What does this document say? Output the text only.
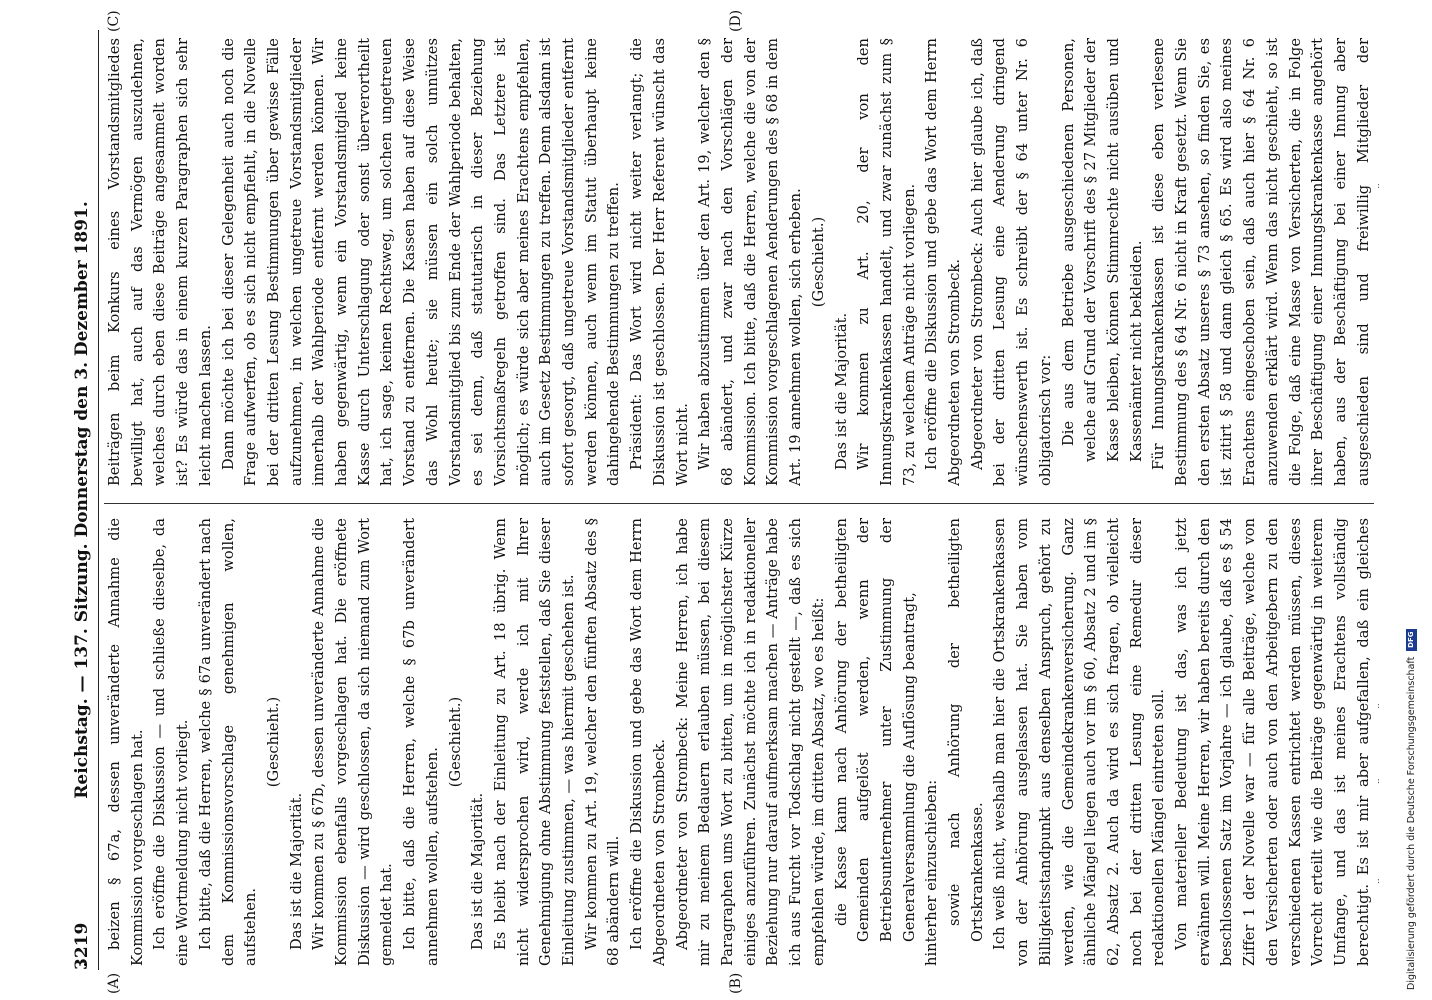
3219
Reichstag. — 137. Sitzung. Donnerstag den 3. Dezember 1891.
(A)	(B)
(C)	(D)

beizen § 67a, dessen unveränderte Annahme die Kommission vorgeschlagen hat. Ich eröffne die Diskussion — und schließe dieselbe, da eine Wortmeldung nicht vorliegt. Ich bitte, daß die Herren, welche § 67a unverändert nach dem Kommissionsvorschlage genehmigen wollen, aufstehen.

(Geschieht.)

Das ist die Majorität. Wir kommen zu § 67b, dessen unveränderte Annahme die Kommission ebenfalls vorgeschlagen hat. Die eröffnete Diskussion — wird geschlossen, da sich niemand zum Wort gemeldet hat. Ich bitte, daß die Herren, welche § 67b unverändert annehmen wollen, aufstehen.

(Geschieht.)

Das ist die Majorität. Es bleibt nach der Einleitung zu Art. 18 übrig. Wenn nicht widersprochen wird, werde ich mit Ihrer Genehmigung ohne Abstimmung feststellen, daß Sie dieser Einleitung zustimmen, — was hiermit geschehen ist. Wir kommen zu Art. 19, welcher den fünften Absatz des § 68 abändern will. Ich eröffne die Diskussion und gebe das Wort dem Herrn Abgeordneten von Strombeck. Abgeordneter von Strombeck: Meine Herren, ich habe mir zu meinem Bedauern erlauben müssen, bei diesem Paragraphen ums Wort zu bitten, um in möglichster Kürze einiges anzuführen. Zunächst möchte ich in redaktioneller Beziehung nur darauf aufmerksam machen — Anträge habe ich aus Furcht vor Todschlag nicht gestellt —, daß es sich empfehlen würde, im dritten Absatz, wo es heißt: die Kasse kann nach Anhörung der betheiligten Gemeinden aufgelöst werden, wenn der Betriebsunternehmer unter Zustimmung der Generalversammlung die Auflösung beantragt, hinterher einzuschieben: sowie nach Anhörung der betheiligten Ortskrankenkasse. Ich weiß nicht, weshalb man hier die Ortskrankenkassen von der Anhörung ausgelassen hat. Sie haben vom Billigkeitsstandpunkt aus denselben Anspruch, gehört zu werden, wie die Gemeindekrankenversicherung. Ganz ähnliche Mängel liegen auch vor im § 60, Absatz 2 und im § 62, Absatz 2. Auch da wird es sich fragen, ob vielleicht noch bei der dritten Lesung eine Remedur dieser redaktionellen Mängel eintreten soll. Von materieller Bedeutung ist das, was ich jetzt erwähnen will. Meine Herren, wir haben bereits durch den beschlossenen Satz im Vorjahre — ich glaube, daß es § 54 Ziffer 1 der Novelle war — für alle Beiträge, welche von den Versicherten oder auch von den Arbeitgebern zu den verschiedenen Kassen entrichtet werden müssen, dieses Vorrecht erteilt wie die Beiträge gegenwärtig in weiterem Umfange, und das ist meines Erachtens vollständig berechtigt. Es ist mir aber aufgefallen, daß ein gleiches

Beiträgen beim Konkurs eines Vorstandsmitgliedes bewilligt hat, auch auf das Vermögen auszudehnen, welches durch eben diese Beiträge angesammelt worden ist? Es würde das in einem kurzen Paragraphen sich sehr leicht machen lassen. Dann möchte ich bei dieser Gelegenheit auch noch die Frage aufwerfen, ob es sich nicht empfiehlt, in die Novelle bei der dritten Lesung Bestimmungen über gewisse Fälle aufzunehmen, in welchen ungetreue Vorstandsmitglieder innerhalb der Wahlperiode entfernt werden können. Wir haben gegenwärtig, wenn ein Vorstandsmitglied keine Kasse durch Unterschlagung oder sonst überverortheilt hat, ich sage, keinen Rechtsweg, um solchen ungetreuen Vorstand zu entfernen. Die Kassen haben auf diese Weise das Wohl heute; sie müssen ein solch unnützes Vorstandsmitglied bis zum Ende der Wahlperiode behalten, es sei denn, daß statutarisch in dieser Beziehung Vorsichtsmaßregeln getroffen sind. Das Letztere ist möglich; es würde sich aber meines Erachtens empfehlen, auch im Gesetz Bestimmungen zu treffen. Denn alsdann ist sofort gesorgt, daß ungetreue Vorstandsmitglieder entfernt werden können, auch wenn im Statut überhaupt keine dahingehende Bestimmungen zu treffen. Präsident: Das Wort wird nicht weiter verlangt; die Diskussion ist geschlossen. Der Herr Referent wünscht das Wort nicht. Wir haben abzustimmen über den Art. 19, welcher den § 68 abändert, und zwar nach den Vorschlägen der Kommission. Ich bitte, daß die Herren, welche die von der Kommission vorgeschlagenen Aenderungen des § 68 in dem Art. 19 annehmen wollen, sich erheben. (Geschieht.)

Das ist die Majorität. Wir kommen zu Art. 20, der von den Innungskrankenkassen handelt, und zwar zunächst zum § 73, zu welchem Anträge nicht vorliegen. Ich eröffne die Diskussion und gebe das Wort dem Herrn Abgeordneten von Strombeck. Abgeordneter von Strombeck: Auch hier glaube ich, daß bei der dritten Lesung eine Aenderung dringend wünschenswerth ist. Es schreibt der § 64 unter Nr. 6 obligatorisch vor: Die aus dem Betriebe ausgeschiedenen Personen, welche auf Grund der Vorschrift des § 27 Mitglieder der Kasse bleiben, können Stimmrechte nicht ausüben und Kassenämter nicht bekleiden. Für Innungskrankenkassen ist diese eben verlesene Bestimmung des § 64 Nr. 6 nicht in Kraft gesetzt. Wenn Sie den ersten Absatz unseres § 73 ansehen, so finden Sie, es ist zitirt § 58 und dann gleich § 65. Es wird also meines Erachtens eingeschoben sein, daß auch hier § 64 Nr. 6 anzuwenden erklärt wird. Wenn das nicht geschieht, so ist die Folge, daß eine Masse von Versicherten, die in Folge ihrer Beschäftigung einer Innungskrankenkasse angehört haben, aus der Beschäftigung bei einer Innung aber ausgeschieden sind und freiwillig Mitglieder der

Digitalisierung gefördert durch die Deutsche Forschungsgemeinschaft
DFG
